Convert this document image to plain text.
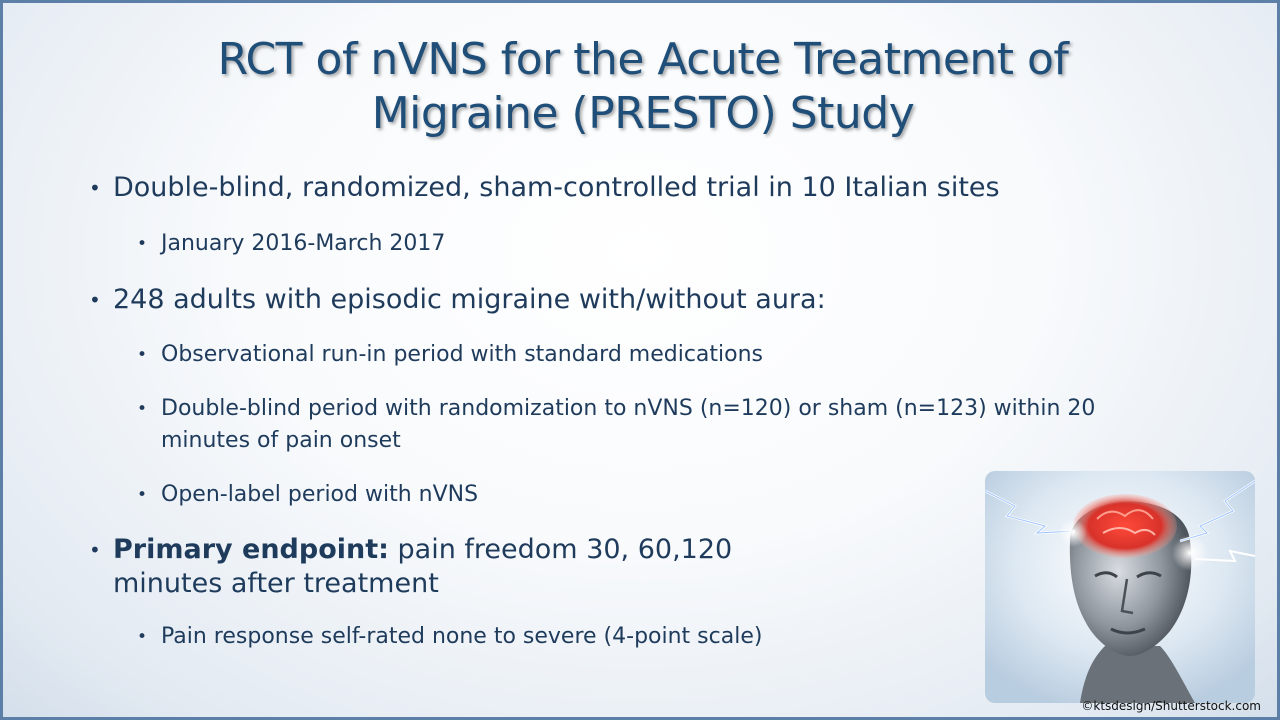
RCT of nVNS for the Acute Treatment of
Migraine (PRESTO) Study
• Double-blind, randomized, sham-controlled trial in 10 Italian sites
• January 2016-March 2017
• 248 adults with episodic migraine with/without aura:
• Observational run-in period with standard medications
• Double-blind period with randomization to nVNS (n=120) or sham (n=123) within 20 minutes of pain onset
• Open-label period with nVNS
• Primary endpoint: pain freedom 30, 60,120 minutes after treatment
• Pain response self-rated none to severe (4-point scale)
©ktsdesign/Shutterstock.com
